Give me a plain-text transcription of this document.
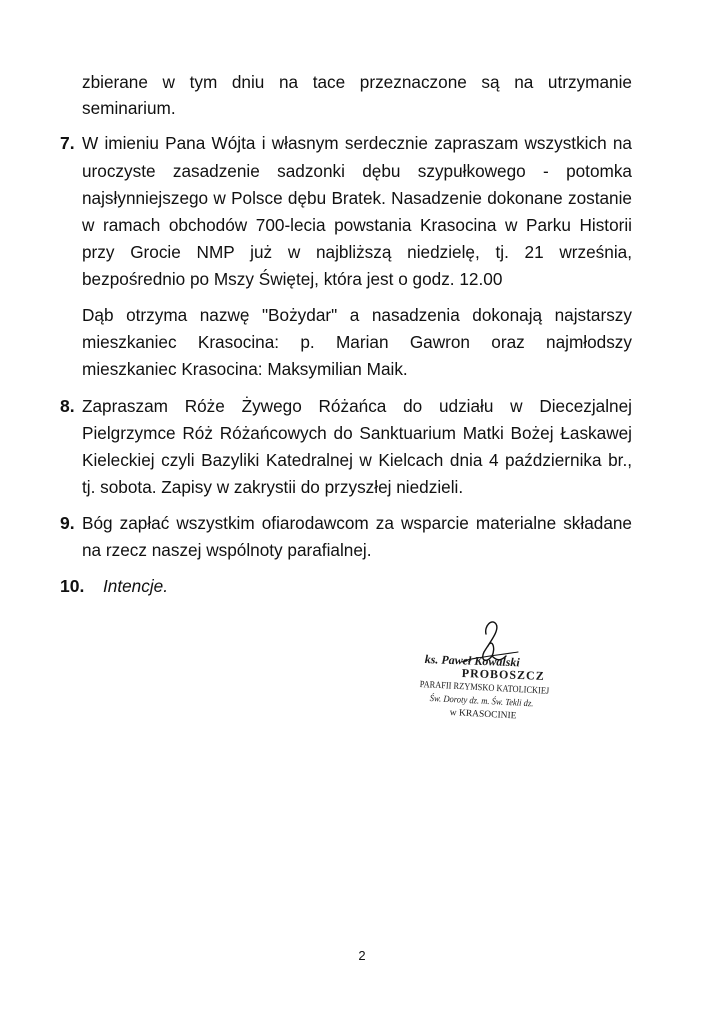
zbierane w tym dniu na tace przeznaczone są na utrzymanie
seminarium.
7. W imieniu Pana Wójta i własnym serdecznie zapraszam wszystkich na
uroczyste zasadzenie sadzonki dębu szypułkowego - potomka
najsłynniejszego w Polsce dębu Bratek. Nasadzenie dokonane zostanie
w ramach obchodów 700-lecia powstania Krasocina w Parku Historii
przy Grocie NMP już w najbliższą niedzielę, tj. 21 września,
bezpośrednio po Mszy Świętej, która jest o godz. 12.00
Dąb otrzyma nazwę "Bożydar" a nasadzenia dokonają najstarszy
mieszkaniec Krasocina: p. Marian Gawron oraz najmłodszy
mieszkaniec Krasocina: Maksymilian Maik.
8. Zapraszam Róże Żywego Różańca do udziału w Diecezjalnej
Pielgrzymce Róż Różańcowych do Sanktuarium Matki Bożej Łaskawej
Kieleckiej czyli Bazyliki Katedralnej w Kielcach dnia 4 października br.,
tj. sobota. Zapisy w zakrystii do przyszłej niedzieli.
9. Bóg zapłać wszystkim ofiarodawcom za wsparcie materialne składane
na rzecz naszej wspólnoty parafialnej.
10. Intencje.
ks. Paweł Kowalski
PROBOSZCZ
PARAFII RZYMSKO KATOLICKIEJ
Św. Doroty dz. m. Św. Tekli dz.
w KRASOCINIE
2
